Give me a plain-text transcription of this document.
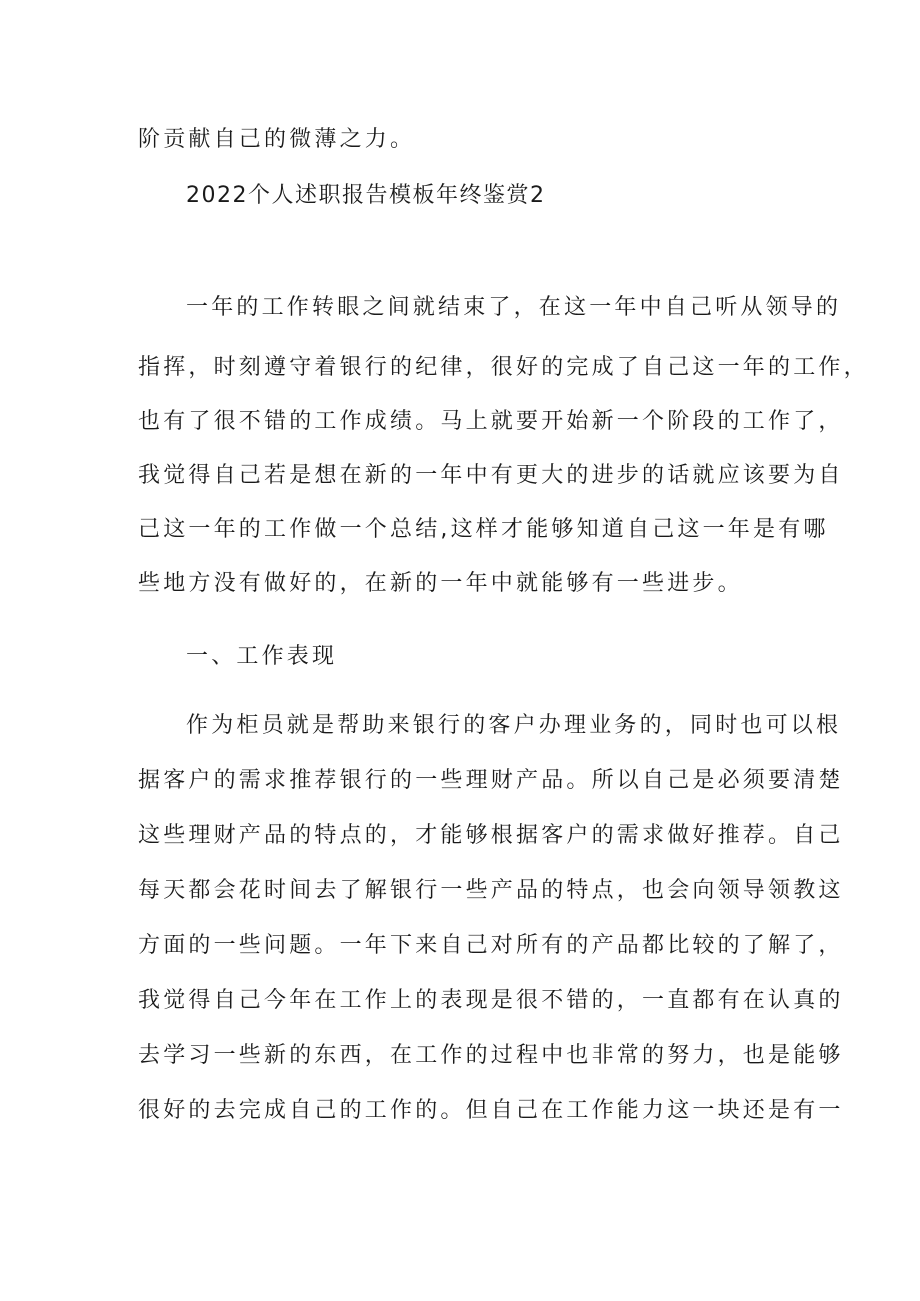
阶贡献自己的微薄之力。
2022个人述职报告模板年终鉴赏2
一年的工作转眼之间就结束了，在这一年中自己听从领导的
指挥，时刻遵守着银行的纪律，很好的完成了自己这一年的工作，
也有了很不错的工作成绩。马上就要开始新一个阶段的工作了，
我觉得自己若是想在新的一年中有更大的进步的话就应该要为自
己这一年的工作做一个总结,这样才能够知道自己这一年是有哪
些地方没有做好的，在新的一年中就能够有一些进步。
一、工作表现
作为柜员就是帮助来银行的客户办理业务的，同时也可以根
据客户的需求推荐银行的一些理财产品。所以自己是必须要清楚
这些理财产品的特点的，才能够根据客户的需求做好推荐。自己
每天都会花时间去了解银行一些产品的特点，也会向领导领教这
方面的一些问题。一年下来自己对所有的产品都比较的了解了，
我觉得自己今年在工作上的表现是很不错的，一直都有在认真的
去学习一些新的东西，在工作的过程中也非常的努力，也是能够
很好的去完成自己的工作的。但自己在工作能力这一块还是有一
